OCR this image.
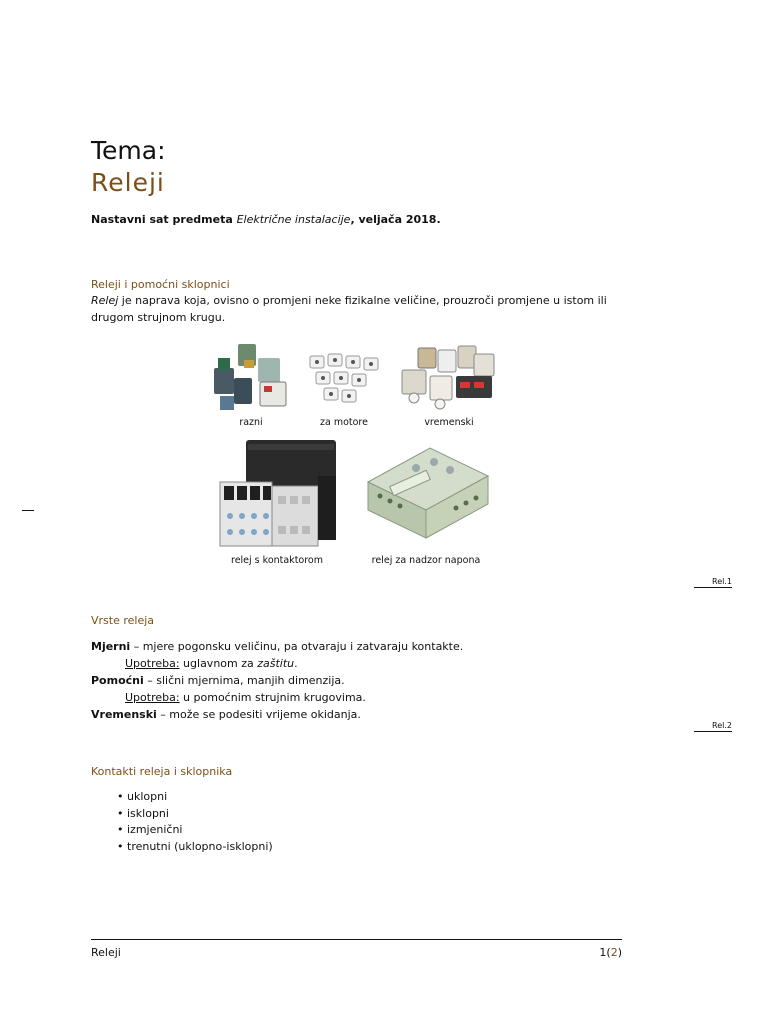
Tema:
Releji
Nastavni sat predmeta Električne instalacije, veljača 2018.
Releji i pomoćni sklopnici
Relej je naprava koja, ovisno o promjeni neke fizikalne veličine, prouzroči promjene u istom ili
drugom strujnom krugu.
razni	za motore	vremenski
relej s kontaktorom	relej za nadzor napona
Rel.1
Vrste releja
Mjerni – mjere pogonsku veličinu, pa otvaraju i zatvaraju kontakte.
Upotreba: uglavnom za zaštitu.
Pomoćni – slični mjernima, manjih dimenzija.
Upotreba: u pomoćnim strujnim krugovima.
Vremenski – može se podesiti vrijeme okidanja.
Rel.2
Kontakti releja i sklopnika
• uklopni
• isklopni
• izmjenični
• trenutni (uklopno-isklopni)
Releji	1(2)
